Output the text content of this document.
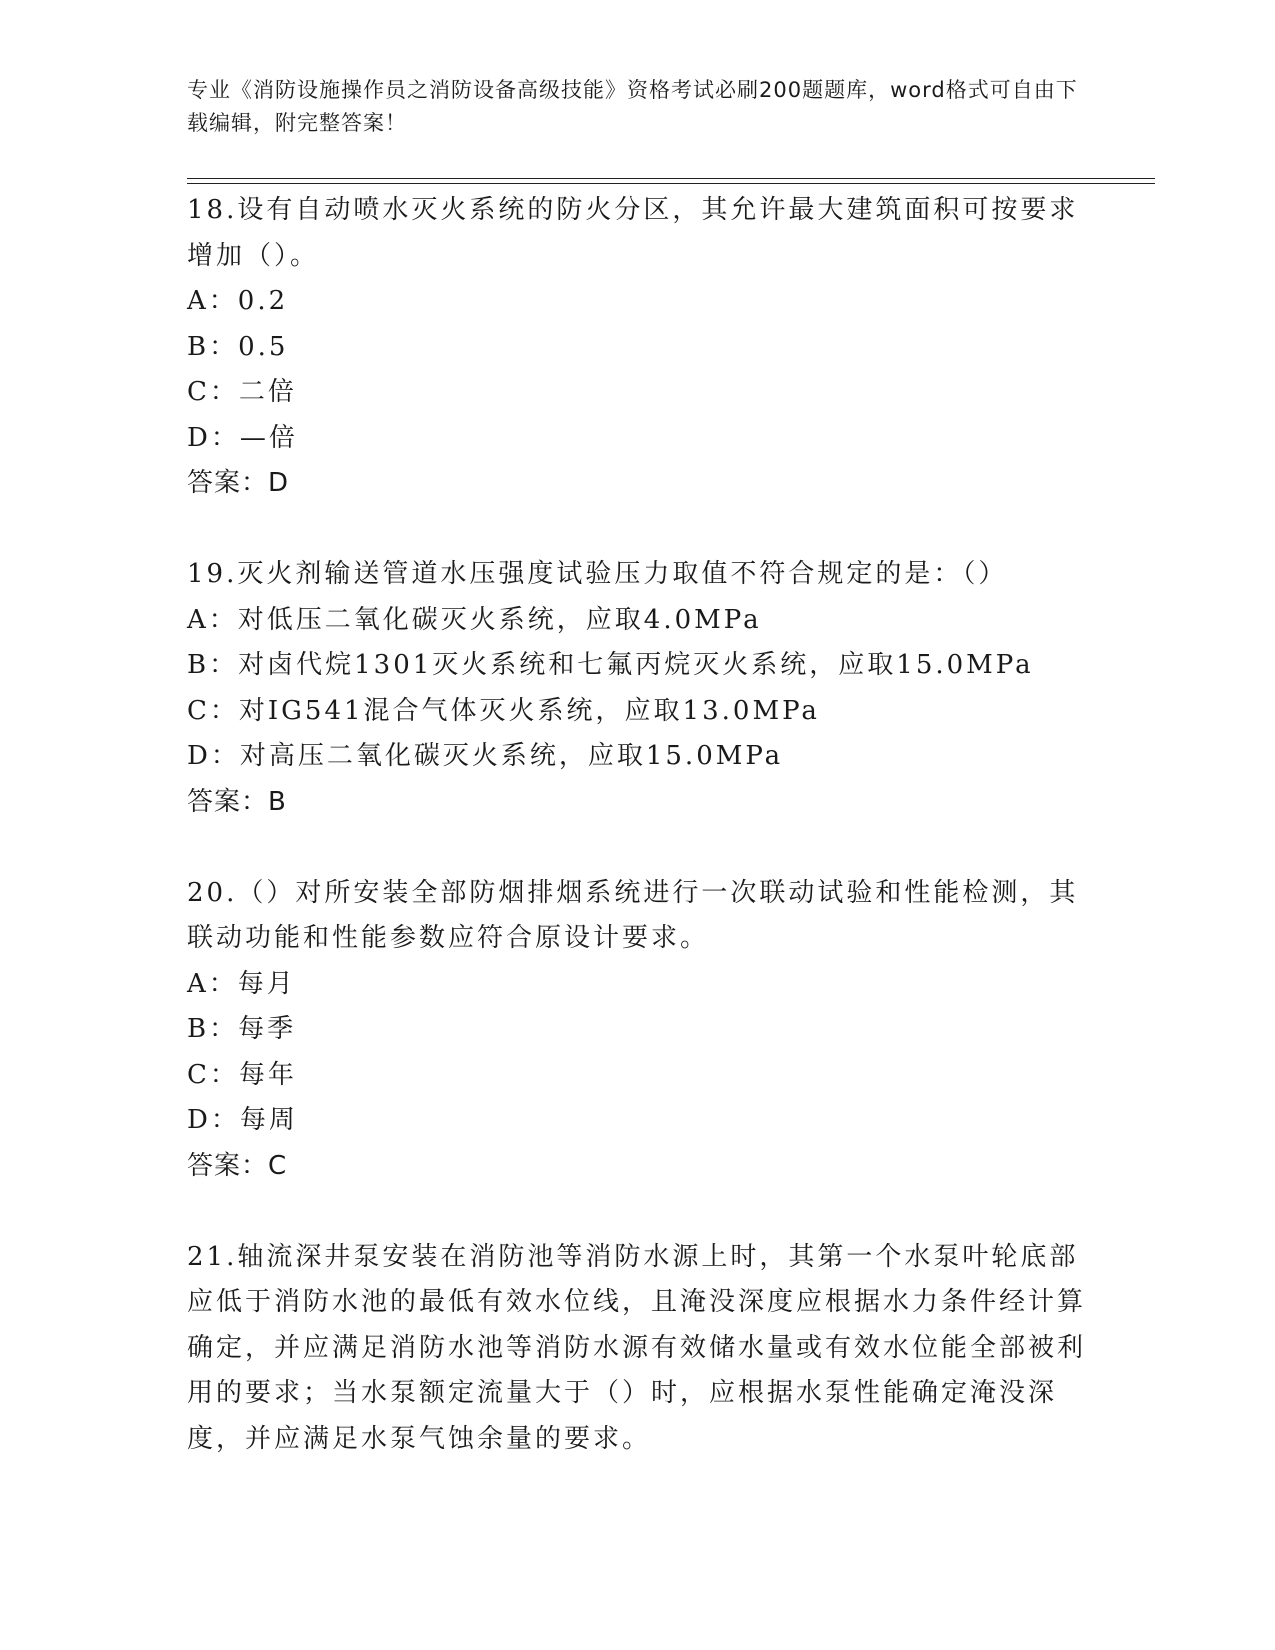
专业《消防设施操作员之消防设备高级技能》资格考试必刷200题题库，word格式可自由下载编辑，附完整答案！

18.设有自动喷水灭火系统的防火分区，其允许最大建筑面积可按要求增加（）。

A：0.2

B：0.5

C：二倍

D：—倍

答案：D

19.灭火剂输送管道水压强度试验压力取值不符合规定的是：（）

A：对低压二氧化碳灭火系统，应取4.0MPa

B：对卤代烷1301灭火系统和七氟丙烷灭火系统，应取15.0MPa

C：对IG541混合气体灭火系统，应取13.0MPa

D：对高压二氧化碳灭火系统，应取15.0MPa

答案：B

20.（）对所安装全部防烟排烟系统进行一次联动试验和性能检测，其联动功能和性能参数应符合原设计要求。

A：每月

B：每季

C：每年

D：每周

答案：C

21.轴流深井泵安装在消防池等消防水源上时，其第一个水泵叶轮底部应低于消防水池的最低有效水位线，且淹没深度应根据水力条件经计算确定，并应满足消防水池等消防水源有效储水量或有效水位能全部被利用的要求；当水泵额定流量大于（）时，应根据水泵性能确定淹没深度，并应满足水泵气蚀余量的要求。
